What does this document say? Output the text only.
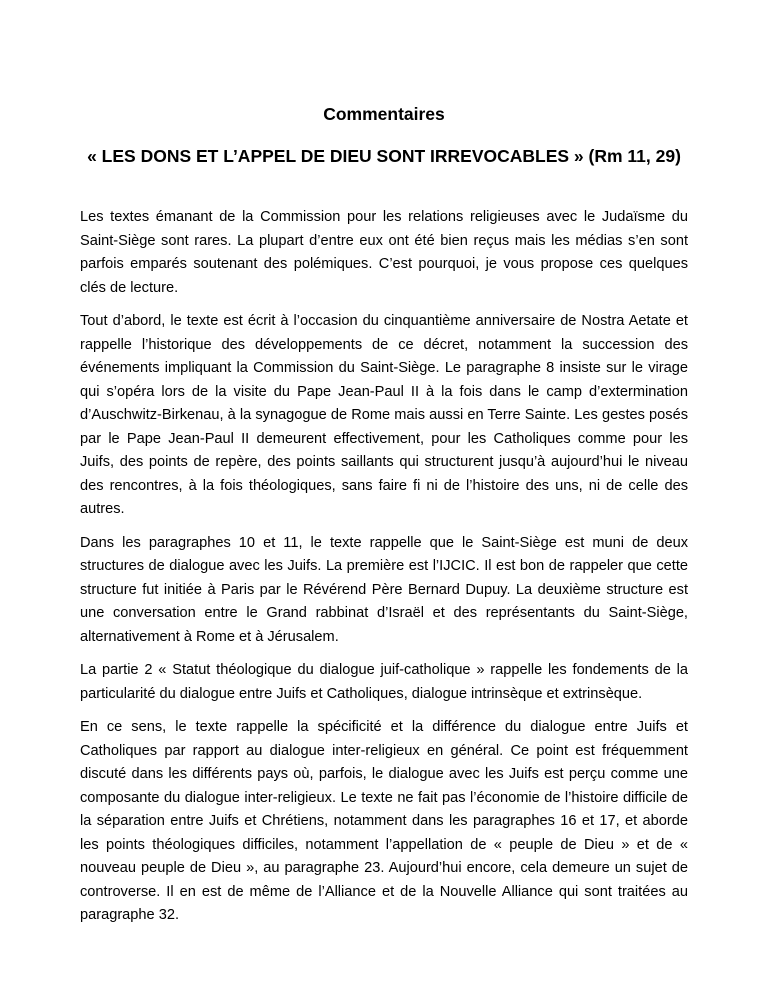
Commentaires
« LES DONS ET L’APPEL DE DIEU SONT IRREVOCABLES » (Rm 11, 29)

Les textes émanant de la Commission pour les relations religieuses avec le Judaïsme du Saint-Siège sont rares. La plupart d’entre eux ont été bien reçus mais les médias s’en sont parfois emparés soutenant des polémiques. C’est pourquoi, je vous propose ces quelques clés de lecture.

Tout d’abord, le texte est écrit à l’occasion du cinquantième anniversaire de Nostra Aetate et rappelle l’historique des développements de ce décret, notamment la succession des événements impliquant la Commission du Saint-Siège. Le paragraphe 8 insiste sur le virage qui s’opéra lors de la visite du Pape Jean-Paul II à la fois dans le camp d’extermination d’Auschwitz-Birkenau, à la synagogue de Rome mais aussi en Terre Sainte. Les gestes posés par le Pape Jean-Paul II demeurent effectivement, pour les Catholiques comme pour les Juifs, des points de repère, des points saillants qui structurent jusqu’à aujourd’hui le niveau des rencontres, à la fois théologiques, sans faire fi ni de l’histoire des uns, ni de celle des autres.

Dans les paragraphes 10 et 11, le texte rappelle que le Saint-Siège est muni de deux structures de dialogue avec les Juifs. La première est l’IJCIC. Il est bon de rappeler que cette structure fut initiée à Paris par le Révérend Père Bernard Dupuy. La deuxième structure est une conversation entre le Grand rabbinat d’Israël et des représentants du Saint-Siège, alternativement à Rome et à Jérusalem.

La partie 2 « Statut théologique du dialogue juif-catholique » rappelle les fondements de la particularité du dialogue entre Juifs et Catholiques, dialogue intrinsèque et extrinsèque.

En ce sens, le texte rappelle la spécificité et la différence du dialogue entre Juifs et Catholiques par rapport au dialogue inter-religieux en général. Ce point est fréquemment discuté dans les différents pays où, parfois, le dialogue avec les Juifs est perçu comme une composante du dialogue inter-religieux. Le texte ne fait pas l’économie de l’histoire difficile de la séparation entre Juifs et Chrétiens, notamment dans les paragraphes 16 et 17, et aborde les points théologiques difficiles, notamment l’appellation de « peuple de Dieu » et de « nouveau peuple de Dieu », au paragraphe 23. Aujourd’hui encore, cela demeure un sujet de controverse. Il en est de même de l’Alliance et de la Nouvelle Alliance qui sont traitées au paragraphe 32.
